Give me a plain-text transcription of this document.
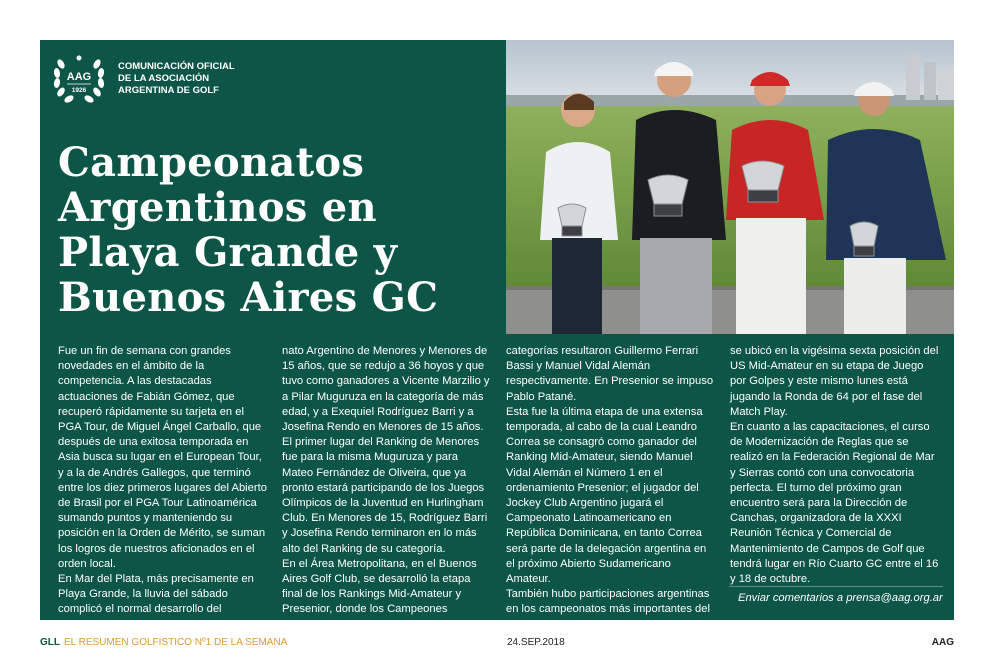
AAG
1926
COMUNICACIÓN OFICIAL
DE LA ASOCIACIÓN
ARGENTINA DE GOLF
Campeonatos
Argentinos en
Playa Grande y
Buenos Aires GC

Fue un fin de semana con grandes novedades en el ámbito de la competencia. A las destacadas actuaciones de Fabián Gómez, que recuperó rápidamente su tarjeta en el PGA Tour, de Miguel Ángel Carballo, que después de una exitosa temporada en Asia busca su lugar en el European Tour, y a la de Andrés Gallegos, que terminó entre los diez primeros lugares del Abierto de Brasil por el PGA Tour Latinoamérica sumando puntos y manteniendo su posición en la Orden de Mérito, se suman los logros de nuestros aficionados en el orden local.

En Mar del Plata, más precisamente en Playa Grande, la lluvia del sábado complicó el normal desarrollo del Campeo-

nato Argentino de Menores y Menores de 15 años, que se redujo a 36 hoyos y que tuvo como ganadores a Vicente Marzilio y a Pilar Muguruza en la categoría de más edad, y a Exequiel Rodríguez Barri y a Josefina Rendo en Menores de 15 años.

El primer lugar del Ranking de Menores fue para la misma Muguruza y para Mateo Fernández de Oliveira, que ya pronto estará participando de los Juegos Olímpicos de la Juventud en Hurlingham Club. En Menores de 15, Rodríguez Barri y Josefina Rendo terminaron en lo más alto del Ranking de su categoría.

En el Área Metropolitana, en el Buenos Aires Golf Club, se desarrolló la etapa final de los Rankings Mid-Amateur y Presenior, donde los Campeones Argentinos de ambas

categorías resultaron Guillermo Ferrari Bassi y Manuel Vidal Alemán respectivamente. En Presenior se impuso Pablo Patané.

Esta fue la última etapa de una extensa temporada, al cabo de la cual Leandro Correa se consagró como ganador del Ranking Mid-Amateur, siendo Manuel Vidal Alemán el Número 1 en el ordenamiento Presenior; el jugador del Jockey Club Argentino jugará el Campeonato Latinoamericano en República Dominicana, en tanto Correa será parte de la delegación argentina en el próximo Abierto Sudamericano Amateur.

También hubo participaciones argentinas en los campeonatos más importantes del mundo. Andrés Schönbaum (h)

se ubicó en la vigésima sexta posición del US Mid-Amateur en su etapa de Juego por Golpes y este mismo lunes está jugando la Ronda de 64 por el fase del Match Play.

En cuanto a las capacitaciones, el curso de Modernización de Reglas que se realizó en la Federación Regional de Mar y Sierras contó con una convocatoria perfecta. El turno del próximo gran encuentro será para la Dirección de Canchas, organizadora de la XXXI Reunión Técnica y Comercial de Mantenimiento de Campos de Golf que tendrá lugar en Río Cuarto GC entre el 16 y 18 de octubre.

Enviar comentarios a prensa@aag.org.ar
GLL EL RESUMEN GOLFISTICO Nº1 DE LA SEMANA	24.SEP.2018	AAG
